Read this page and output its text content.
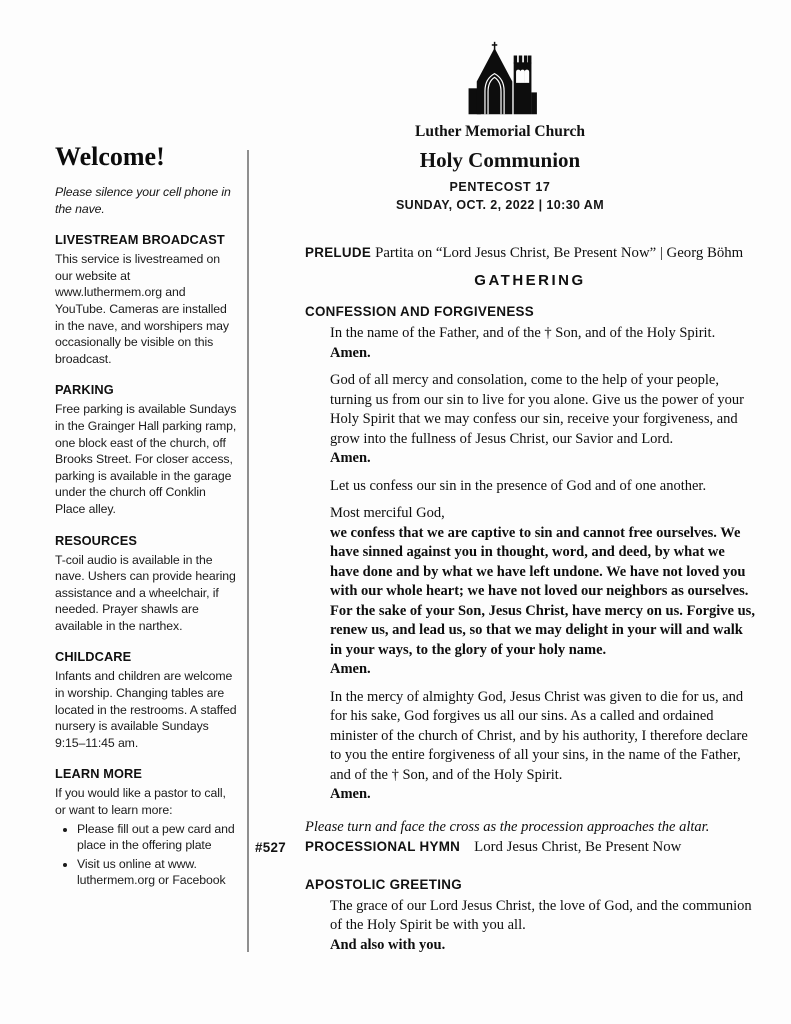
Welcome!

Please silence your cell phone in the nave.

LIVESTREAM BROADCAST

This service is livestreamed on our website at www.luthermem.org and YouTube. Cameras are installed in the nave, and worshipers may occasionally be visible on this broadcast.

PARKING

Free parking is available Sundays in the Grainger Hall parking ramp, one block east of the church, off Brooks Street. For closer access, parking is available in the garage under the church off Conklin Place alley.

RESOURCES

T-coil audio is available in the nave. Ushers can provide hearing assistance and a wheelchair, if needed. Prayer shawls are available in the narthex.

CHILDCARE

Infants and children are welcome in worship. Changing tables are located in the restrooms. A staffed nursery is available Sundays 9:15–11:45 am.

LEARN MORE

If you would like a pastor to call, or want to learn more:

• Please fill out a pew card and place in the offering plate
• Visit us online at www. luthermem.org or Facebook
Luther Memorial Church
Holy Communion
PENTECOST 17
SUNDAY, OCT. 2, 2022 | 10:30 AM
PRELUDE Partita on “Lord Jesus Christ, Be Present Now” | Georg Böhm
GATHERING
CONFESSION AND FORGIVENESS

In the name of the Father, and of the † Son, and of the Holy Spirit.
Amen.

God of all mercy and consolation, come to the help of your people, turning us from our sin to live for you alone. Give us the power of your Holy Spirit that we may confess our sin, receive your forgiveness, and grow into the fullness of Jesus Christ, our Savior and Lord.
Amen.

Let us confess our sin in the presence of God and of one another.

Most merciful God,
we confess that we are captive to sin and cannot free ourselves. We have sinned against you in thought, word, and deed, by what we have done and by what we have left undone. We have not loved you with our whole heart; we have not loved our neighbors as ourselves. For the sake of your Son, Jesus Christ, have mercy on us. Forgive us, renew us, and lead us, so that we may delight in your will and walk in your ways, to the glory of your holy name.
Amen.

In the mercy of almighty God, Jesus Christ was given to die for us, and for his sake, God forgives us all our sins. As a called and ordained minister of the church of Christ, and by his authority, I therefore declare to you the entire forgiveness of all your sins, in the name of the Father, and of the † Son, and of the Holy Spirit.
Amen.

Please turn and face the cross as the procession approaches the altar.

#527 PROCESSIONAL HYMN Lord Jesus Christ, Be Present Now
APOSTOLIC GREETING

The grace of our Lord Jesus Christ, the love of God, and the communion of the Holy Spirit be with you all.
And also with you.
